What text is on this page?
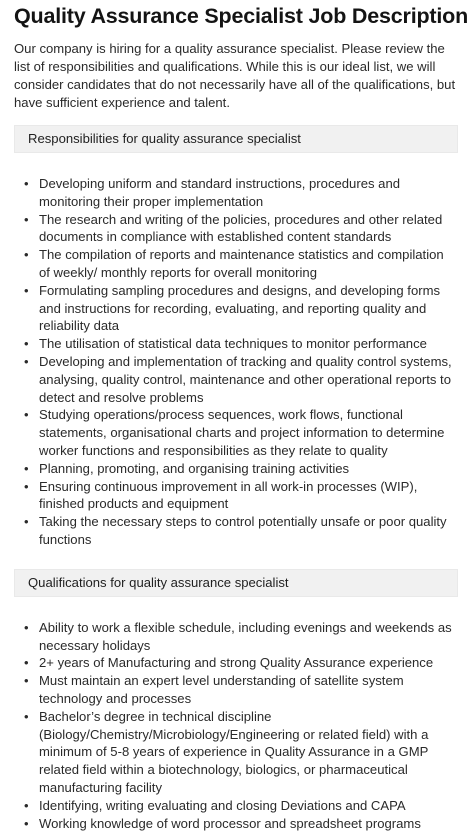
Quality Assurance Specialist Job Description

Our company is hiring for a quality assurance specialist. Please review the list of responsibilities and qualifications. While this is our ideal list, we will consider candidates that do not necessarily have all of the qualifications, but have sufficient experience and talent.

Responsibilities for quality assurance specialist
• Developing uniform and standard instructions, procedures and monitoring their proper implementation
• The research and writing of the policies, procedures and other related documents in compliance with established content standards
• The compilation of reports and maintenance statistics and compilation of weekly/ monthly reports for overall monitoring
• Formulating sampling procedures and designs, and developing forms and instructions for recording, evaluating, and reporting quality and reliability data
• The utilisation of statistical data techniques to monitor performance
• Developing and implementation of tracking and quality control systems, analysing, quality control, maintenance and other operational reports to detect and resolve problems
• Studying operations/process sequences, work flows, functional statements, organisational charts and project information to determine worker functions and responsibilities as they relate to quality
• Planning, promoting, and organising training activities
• Ensuring continuous improvement in all work-in processes (WIP), finished products and equipment
• Taking the necessary steps to control potentially unsafe or poor quality functions
Qualifications for quality assurance specialist
• Ability to work a flexible schedule, including evenings and weekends as necessary holidays
• 2+ years of Manufacturing and strong Quality Assurance experience
• Must maintain an expert level understanding of satellite system technology and processes
• Bachelor’s degree in technical discipline (Biology/Chemistry/Microbiology/Engineering or related field) with a minimum of 5-8 years of experience in Quality Assurance in a GMP related field within a biotechnology, biologics, or pharmaceutical manufacturing facility
• Identifying, writing evaluating and closing Deviations and CAPA
• Working knowledge of word processor and spreadsheet programs
